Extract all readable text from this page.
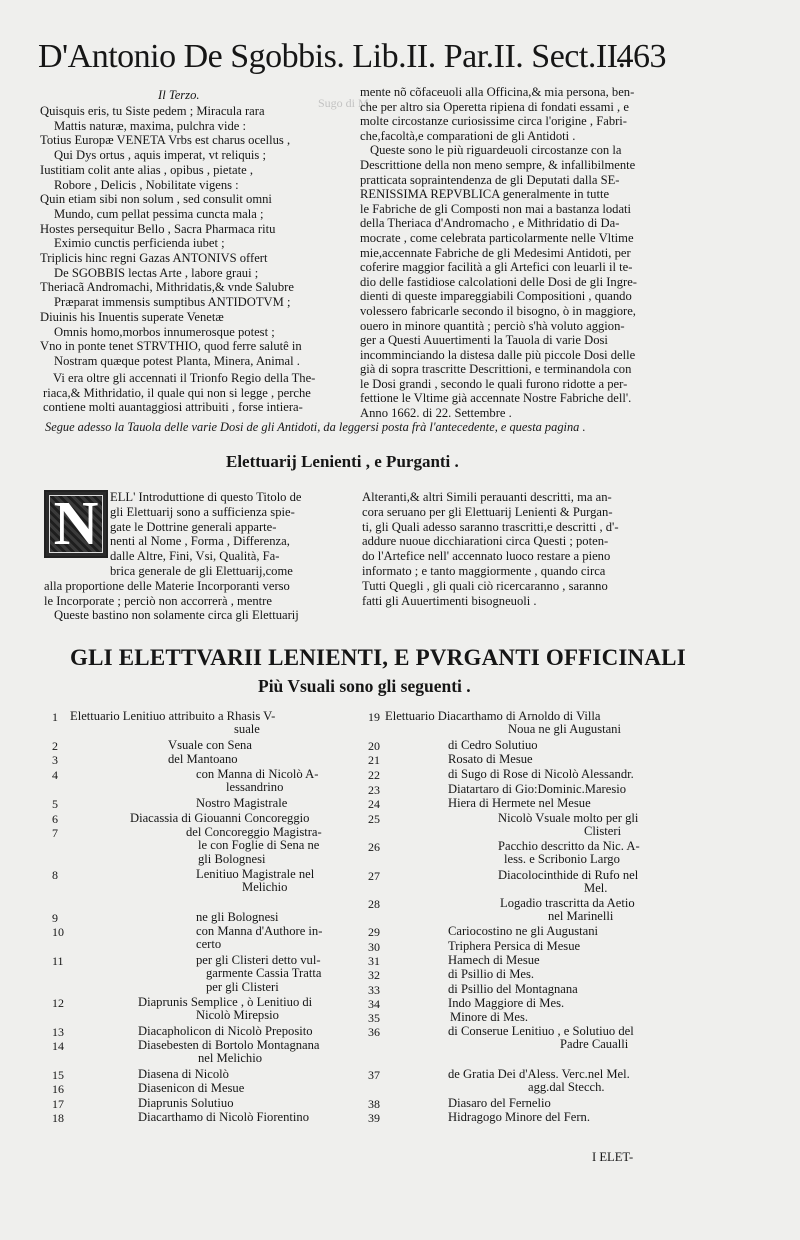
D'Antonio De Sgobbis. Lib.II. Par.II. Sect.II.
463
Sugo di M
Il Terzo.
Quisquis eris, tu Siste pedem ; Miracula rara
Mattis naturæ, maxima, pulchra vide :
Totius Europæ VENETA Vrbs est charus ocellus ,
Qui Dys ortus , aquis imperat, vt reliquis ;
Iustitiam colit ante alias , opibus , pietate ,
Robore , Delicis , Nobilitate vigens :
Quin etiam sibi non solum , sed consulit omni
Mundo, cum pellat pessima cuncta mala ;
Hostes persequitur Bello , Sacra Pharmaca ritu
Eximio cunctis perficienda iubet ;
Triplicis hinc regni Gazas ANTONIVS offert
De SGOBBIS lectas Arte , labore graui ;
Theriacã Andromachi, Mithridatis,& vnde Salubre
Præparat immensis sumptibus ANTIDOTVM ;
Diuinis his Inuentis superate Venetæ
Omnis homo,morbos innumerosque potest ;
Vno in ponte tenet STRVTHIO, quod ferre salutê in
Nostram quæque potest Planta, Minera, Animal .
Vi era oltre gli accennati il Trionfo Regio della The-
riaca,& Mithridatio, il quale qui non si legge , perche
contiene molti auantaggiosi attribuiti , forse intiera-
mente nõ cõfaceuoli alla Officina,& mia persona, ben-
che per altro sia Operetta ripiena di fondati essami , e
molte circostanze curiosissime circa l'origine , Fabri-
che,facoltà,e comparationi de gli Antidoti .
Queste sono le più riguardeuoli circostanze con la
Descrittione della non meno sempre, & infallibilmente
pratticata sopraintendenza de gli Deputati dalla SE-
RENISSIMA REPVBLICA generalmente in tutte
le Fabriche de gli Composti non mai a bastanza lodati
della Theriaca d'Andromacho , e Mithridatio di Da-
mocrate , come celebrata particolarmente nelle Vltime
mie,accennate Fabriche de gli Medesimi Antidoti, per
coferire maggior facilità a gli Artefici con leuarli il te-
dio delle fastidiose calcolationi delle Dosi de gli Ingre-
dienti di queste impareggiabili Compositioni , quando
volessero fabricarle secondo il bisogno, ò in maggiore,
ouero in minore quantità ; perciò s'hà voluto aggion-
ger a Questi Auuertimenti la Tauola di varie Dosi
incomminciando la distesa dalle più piccole Dosi delle
già di sopra trascritte Descrittioni, e terminandola con
le Dosi grandi , secondo le quali furono ridotte a per-
fettione le Vltime già accennate Nostre Fabriche dell'.
Anno 1662. di 22. Settembre .
Segue adesso la Tauola delle varie Dosi de gli Antidoti, da leggersi posta frà l'antecedente, e questa pagina .
Elettuarij Lenienti , e Purganti .
N ELL' Introduttione di questo Titolo de
gli Elettuarij sono a sufficienza spie-
gate le Dottrine generali apparte-
nenti al Nome , Forma , Differenza,
dalle Altre, Fini, Vsi, Qualità, Fa-
brica generale de gli Elettuarij,come
alla proportione delle Materie Incorporanti verso
le Incorporate ; perciò non accorrerà , mentre
Queste bastino non solamente circa gli Elettuarij
Alteranti,& altri Simili perauanti descritti, ma an-
cora seruano per gli Elettuarij Lenienti & Purgan-
ti, gli Quali adesso saranno trascritti,e descritti , d'-
addure nuoue dicchiarationi circa Questi ; poten-
do l'Artefice nell' accennato luoco restare a pieno
informato ; e tanto maggiormente , quando circa
Tutti Quegli , gli quali ciò ricercaranno , saranno
fatti gli Auuertimenti bisogneuoli .
GLI ELETTVARII LENIENTI, E PVRGANTI OFFICINALI
Più Vsuali sono gli seguenti .
1 Elettuario Lenitiuo attribuito a Rhasis V-
suale
2	Vsuale con Sena
3	del Mantoano
4	con Manna di Nicolò A-
lessandrino
5	Nostro Magistrale
6	Diacassia di Giouanni Concoreggio
7	del Concoreggio Magistra-
le con Foglie di Sena ne
gli Bolognesi
8	Lenitiuo Magistrale nel
Melichio
9	ne gli Bolognesi
10	con Manna d'Authore in-
certo
11	per gli Clisteri detto vul-
garmente Cassia Tratta
per gli Clisteri
12	Diaprunis Semplice , ò Lenitiuo di
Nicolò Mirepsio
13	Diacapholicon di Nicolò Preposito
14	Diasebesten di Bortolo Montagnana
nel Melichio
15	Diasena di Nicolò
16	Diasenicon di Mesue
17	Diaprunis Solutiuo
18	Diacarthamo di Nicolò Fiorentino
19 Elettuario Diacarthamo di Arnoldo di Villa
Noua ne gli Augustani
20	di Cedro Solutiuo
21	Rosato di Mesue
22	di Sugo di Rose di Nicolò Alessandr.
23	Diatartaro di Gio:Dominic.Maresio
24	Hiera di Hermete nel Mesue
25	Nicolò Vsuale molto per gli
Clisteri
26	Pacchio descritto da Nic. A-
less. e Scribonio Largo
27	Diacolocinthide di Rufo nel
Mel.
28	Logadio trascritta da Aetio
nel Marinelli
29	Cariocostino ne gli Augustani
30	Triphera Persica di Mesue
31	Hamech di Mesue
32	di Psillio di Mes.
33	di Psillio del Montagnana
34	Indo Maggiore di Mes.
35	Minore di Mes.
36	di Conserue Lenitiuo , e Solutiuo del
Padre Caualli
37	de Gratia Dei d'Aless. Verc.nel Mel.
agg.dal Stecch.
38	Diasaro del Fernelio
39	Hidragogo Minore del Fern.
I ELET-
